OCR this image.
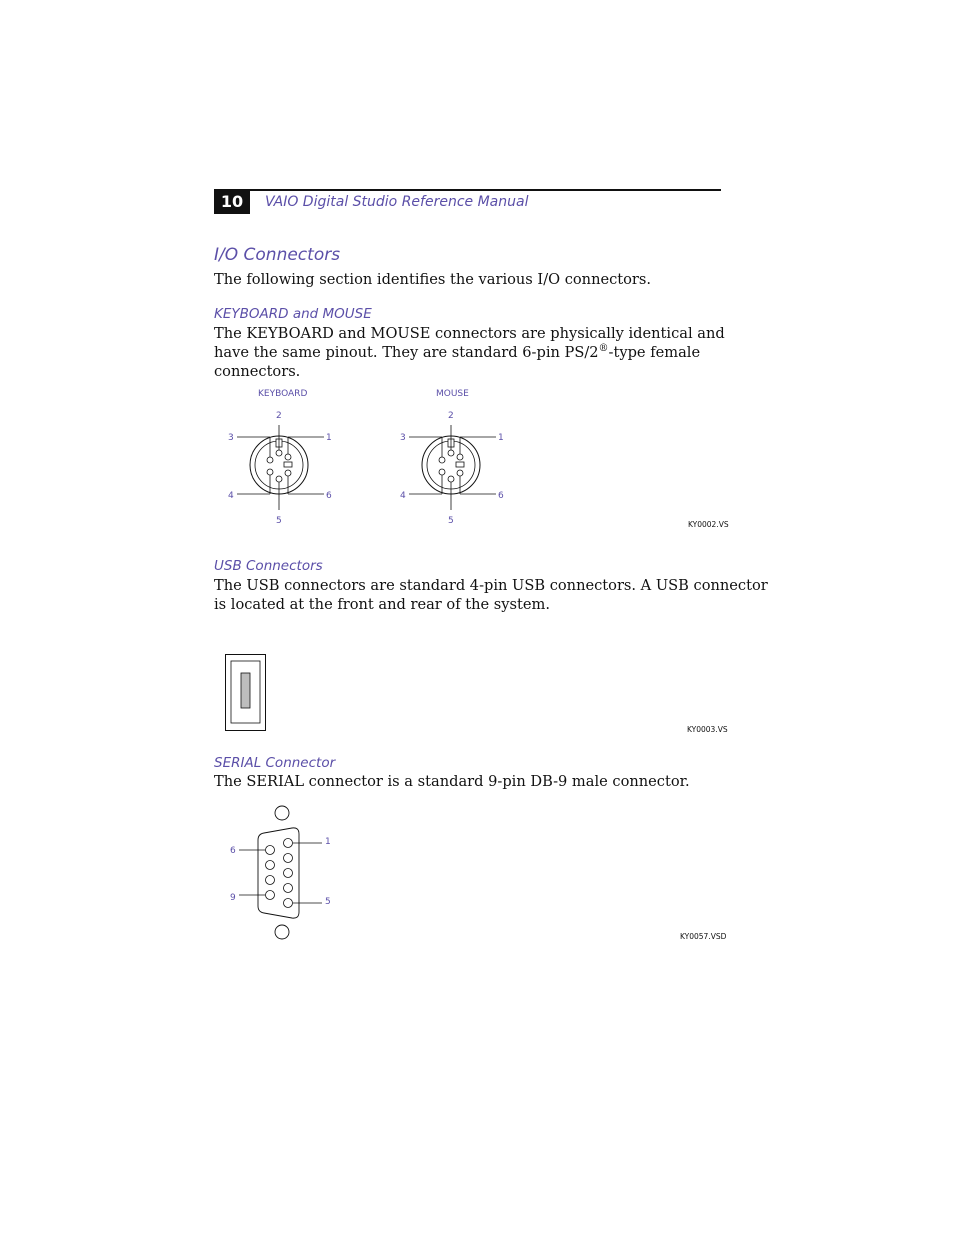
10	VAIO Digital Studio Reference Manual
I/O Connectors
The following section identifies the various I/O connectors.
KEYBOARD and MOUSE
The KEYBOARD and MOUSE connectors are physically identical and
have the same pinout. They are standard 6-pin PS/2®-type female
connectors.
KEYBOARD	MOUSE
2
3	1
4	6
5
2
3	1
4	6
5	KY0002.VS
USB Connectors
The USB connectors are standard 4-pin USB connectors. A USB connector
is located at the front and rear of the system.
KY0003.VS
SERIAL Connector
The SERIAL connector is a standard 9-pin DB-9 male connector.
1
5
6
9
KY0057.VSD
